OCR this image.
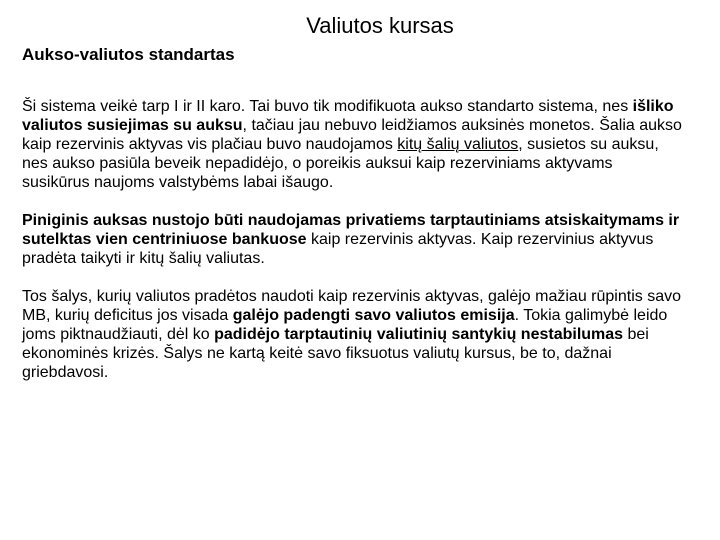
Valiutos kursas
Aukso-valiutos standartas

Ši sistema veikė tarp I ir II karo. Tai buvo tik modifikuota aukso standarto sistema, nes išliko valiutos susiejimas su auksu, tačiau jau nebuvo leidžiamos auksinės monetos. Šalia aukso kaip rezervinis aktyvas vis plačiau buvo naudojamos kitų šalių valiutos, susietos su auksu, nes aukso pasiūla beveik nepadidėjo, o poreikis auksui kaip rezerviniams aktyvams susikūrus naujoms valstybėms labai išaugo.

Piniginis auksas nustojo būti naudojamas privatiems tarptautiniams atsiskaitymams ir sutelktas vien centriniuose bankuose kaip rezervinis aktyvas. Kaip rezervinius aktyvus pradėta taikyti ir kitų šalių valiutas.

Tos šalys, kurių valiutos pradėtos naudoti kaip rezervinis aktyvas, galėjo mažiau rūpintis savo MB, kurių deficitus jos visada galėjo padengti savo valiutos emisija. Tokia galimybė leido joms piktnaudžiauti, dėl ko padidėjo tarptautinių valiutinių santykių nestabilumas bei ekonominės krizės. Šalys ne kartą keitė savo fiksuotus valiutų kursus, be to, dažnai griebdavosi.
